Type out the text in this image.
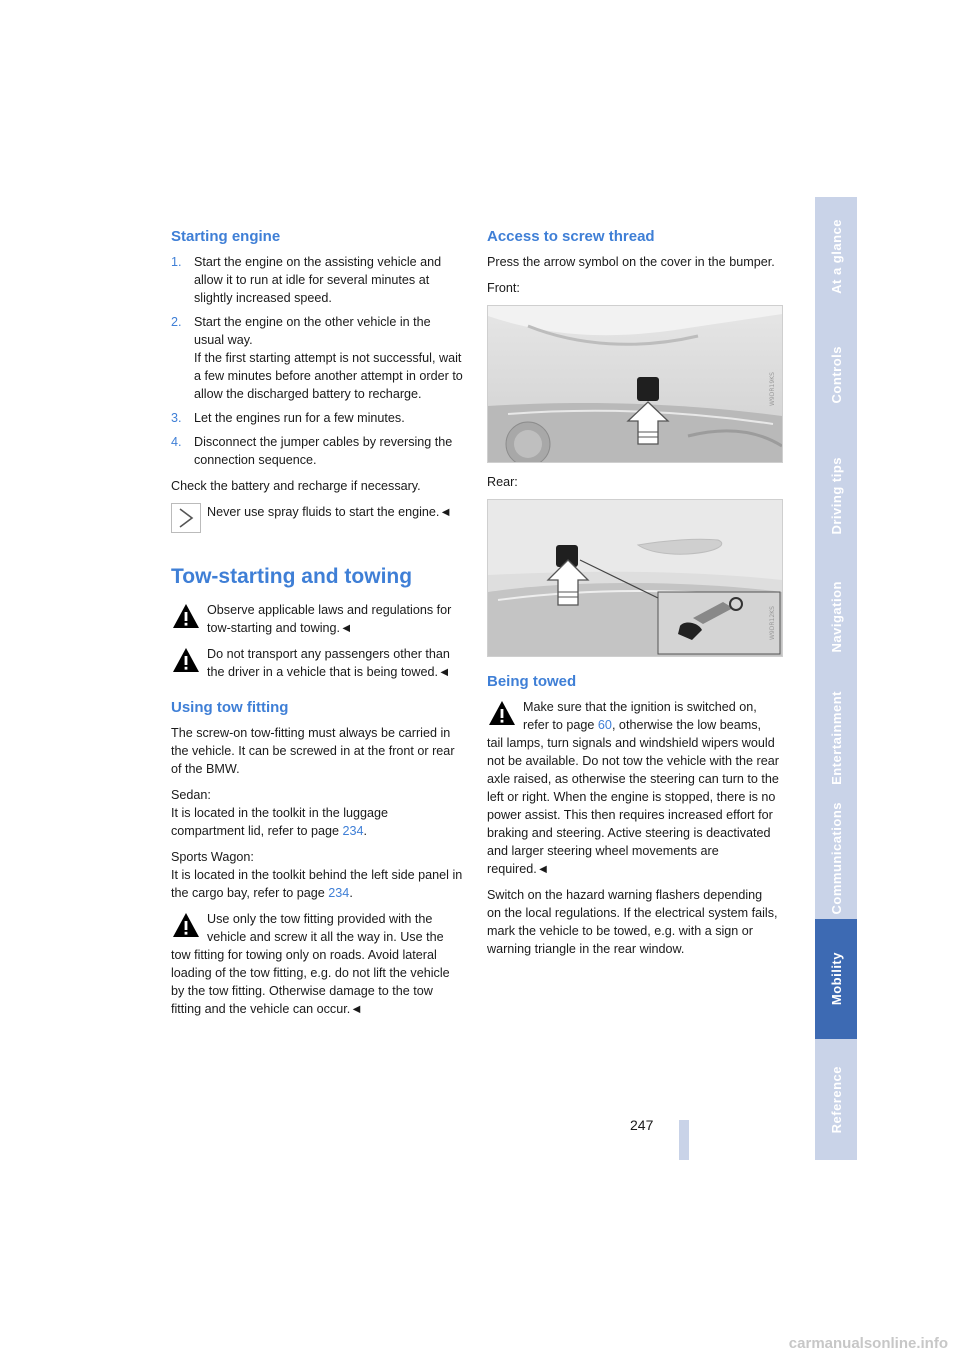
Starting engine
1. Start the engine on the assisting vehicle and allow it to run at idle for several minutes at slightly increased speed.
2. Start the engine on the other vehicle in the usual way.
If the first starting attempt is not successful, wait a few minutes before another attempt in order to allow the discharged battery to recharge.
3. Let the engines run for a few minutes.
4. Disconnect the jumper cables by reversing the connection sequence.

Check the battery and recharge if necessary.

Never use spray fluids to start the engine.◄
Tow-starting and towing
Observe applicable laws and regulations for tow-starting and towing.◄
Do not transport any passengers other than the driver in a vehicle that is being towed.◄
Using tow fitting

The screw-on tow-fitting must always be carried in the vehicle. It can be screwed in at the front or rear of the BMW.

Sedan:
It is located in the toolkit in the luggage compartment lid, refer to page 234.

Sports Wagon:
It is located in the toolkit behind the left side panel in the cargo bay, refer to page 234.

Use only the tow fitting provided with the vehicle and screw it all the way in. Use the tow fitting for towing only on roads. Avoid lateral loading of the tow fitting, e.g. do not lift the vehicle by the tow fitting. Otherwise damage to the tow fitting and the vehicle can occur.◄
Access to screw thread

Press the arrow symbol on the cover in the bumper.

Front:

W9DR19KS

Rear:

W9DR12KS
Being towed
Make sure that the ignition is switched on, refer to page 60, otherwise the low beams, tail lamps, turn signals and windshield wipers would not be available. Do not tow the vehicle with the rear axle raised, as otherwise the steering can turn to the left or right. When the engine is stopped, there is no power assist. This then requires increased effort for braking and steering. Active steering is deactivated and larger steering wheel movements are required.◄

Switch on the hazard warning flashers depending on the local regulations. If the electrical system fails, mark the vehicle to be towed, e.g. with a sign or warning triangle in the rear window.

At a glance
Controls
Driving tips
Navigation
Entertainment
Communications
Mobility
Reference
247
carmanualsonline.info
